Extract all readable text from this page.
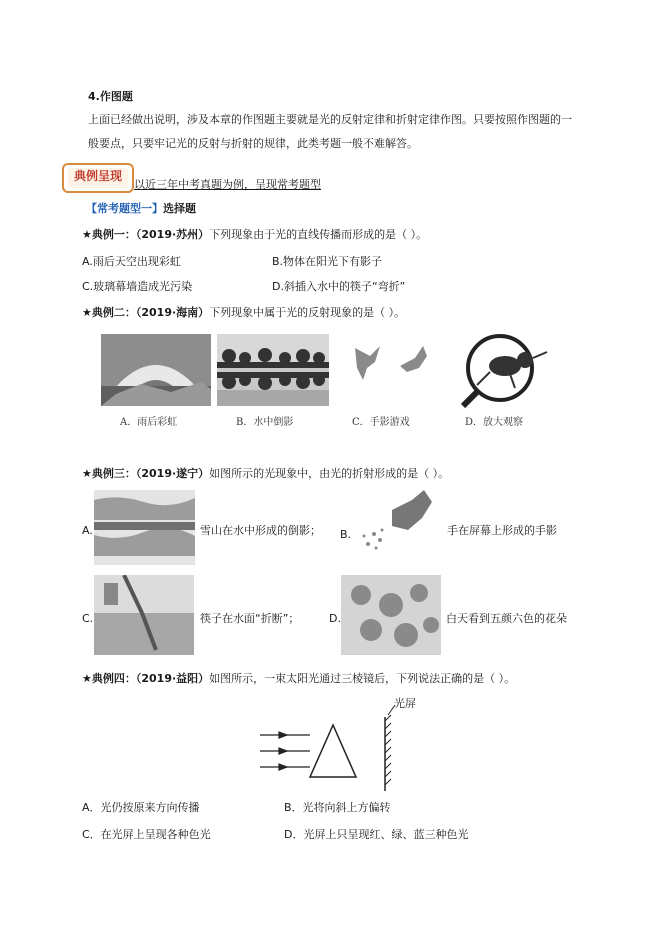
4.作图题
上面已经做出说明，涉及本章的作图题主要就是光的反射定律和折射定律作图。只要按照作图题的一
般要点，只要牢记光的反射与折射的规律，此类考题一般不难解答。
典例呈现
以近三年中考真题为例，呈现常考题型
【常考题型一】选择题
★典例一：（2019·苏州）下列现象由于光的直线传播而形成的是（ ）。
A.雨后天空出现彩虹	B.物体在阳光下有影子
C.玻璃幕墙造成光污染	D.斜插入水中的筷子“弯折”
★典例二：（2019·海南）下列现象中属于光的反射现象的是（ ）。
A．雨后彩虹	B．水中倒影	C．手影游戏	D．放大观察
★典例三：（2019·遂宁）如图所示的光现象中，由光的折射形成的是（ ）。
A.	雪山在水中形成的倒影； B.	手在屏幕上形成的手影
C.	筷子在水面“折断”；	D.	白天看到五颜六色的花朵
★典例四：（2019·益阳）如图所示，一束太阳光通过三棱镜后，下列说法正确的是（ ）。
光屏
A．光仍按原来方向传播	B．光将向斜上方偏转
C．在光屏上呈现各种色光	D．光屏上只呈现红、绿、蓝三种色光
